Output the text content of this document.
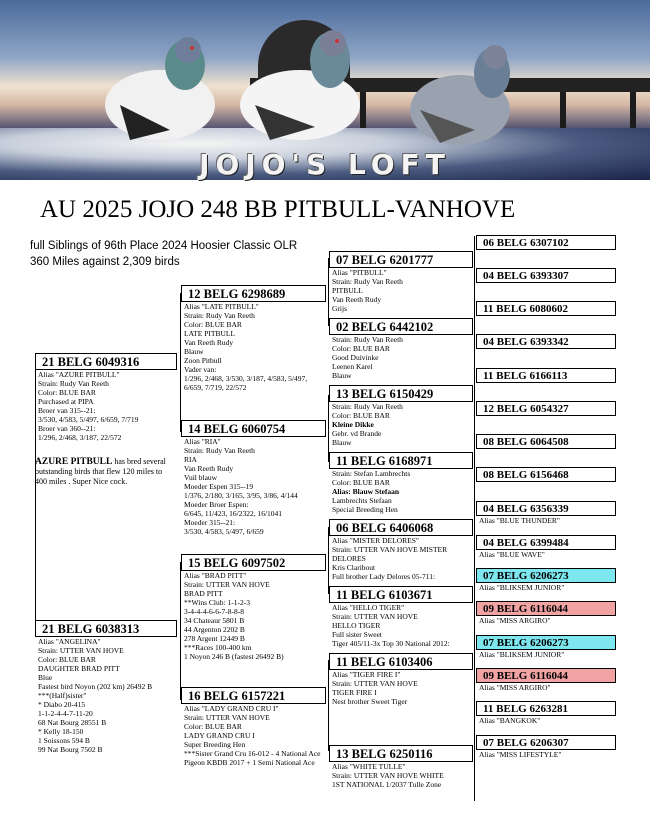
JOJO'S LOFT
AU 2025 JOJO 248 BB PITBULL-VANHOVE
full Siblings of 96th Place 2024 Hoosier Classic OLR
360 Miles against 2,309 birds
21 BELG 6049316
Alias "AZURE PITBULL"
Strain: Rudy Van Reeth
Color: BLUE BAR
Purchased at PIPA
Broer van 315--21:
3/530, 4/583, 5/497, 6/659, 7/719
Broer van 360--21:
1/296, 2/468, 3/187, 22/572
AZURE PITBULL has bred several outstanding birds that flew 120 miles to 400 miles . Super Nice cock.
21 BELG 6038313
Alias "ANGELINA"
Strain: UTTER VAN HOVE
Color: BLUE BAR
DAUGHTER BRAD PITT
Blue
Fastest bird Noyon (202 km) 26492 B
***(Half)sister"
* Diabo 20-415
1-1-2-4-4-7-11-20
68 Nat Bourg 28551 B
* Kelly 18-150
1 Soissons 594 B
99 Nat Bourg 7502 B
12 BELG 6298689
Alias "LATE PITBULL"
Strain: Rudy Van Reeth
Color: BLUE BAR
LATE PITBULL
Van Reeth Rudy
Blauw
Zoon Pitbull
Vader van:
1/296, 2/468, 3/530, 3/187, 4/583, 5/497,
6/659, 7/719, 22/572
14 BELG 6060754
Alias "RIA"
Strain: Rudy Van Reeth
RIA
Van Reeth Rudy
Vuil blauw
Moeder Espen 315--19
1/376, 2/180, 3/165, 3/95, 3/86, 4/144
Moeder Broer Espen:
6/645, 11/423, 16/2322, 16/1041
Moeder 315--21:
3/530, 4/583, 5/497, 6/659
15 BELG 6097502
Alias "BRAD PITT"
Strain: UTTER VAN HOVE
BRAD PITT
**Wins Club: 1-1-2-3
3-4-4-4-6-6-7-8-8-8
34 Chateaur 5801 B
44 Argenton 2202 B
278 Argent 12449 B
***Races 100-400 km
1 Noyon 246 B (fastest 26492 B)
16 BELG 6157221
Alias "LADY GRAND CRU I"
Strain: UTTER VAN HOVE
Color: BLUE BAR
LADY GRAND CRU I
Super Breeding Hen
***Sister Grand Cru 16-012 - 4 National Ace
Pigeon KBDB 2017 + 1 Semi National Ace
07 BELG 6201777
Alias "PITBULL"
Strain: Rudy Van Reeth
PITBULL
Van Reeth Rudy
Grijs
02 BELG 6442102
Strain: Rudy Van Reeth
Color: BLUE BAR
Good Duivinke
Leenen Karel
Blauw
13 BELG 6150429
Strain: Rudy Van Reeth
Color: BLUE BAR
Kleine Dikke
Gebr. vd Brande
Blauw
11 BELG 6168971
Strain: Stefan Lambrechts
Color: BLUE BAR
Alias: Blauw Stefaan
Lambrechts Stefaan
Special Breeding Hen
06 BELG 6406068
Alias "MISTER DELORES"
Strain: UTTER VAN HOVE MISTER
DELORES
Kris Claribout
Full brother Lady Delores 05-711:
11 BELG 6103671
Alias "HELLO TIGER"
Strain: UTTER VAN HOVE
HELLO TIGER
Full sister Sweet
Tiger 405/11-3x Top 30 National 2012:
11 BELG 6103406
Alias "TIGER FIRE I"
Strain: UTTER VAN HOVE
TIGER FIRE I
Nest brother Sweet Tiger
13 BELG 6250116
Alias "WHITE TULLE"
Strain: UTTER VAN HOVE WHITE
1ST NATIONAL 1/2037 Tulle Zone
06 BELG 6307102
04 BELG 6393307
11 BELG 6080602
04 BELG 6393342
11 BELG 6166113
12 BELG 6054327
08 BELG 6064508
08 BELG 6156468
04 BELG 6356339
Alias "BLUE THUNDER"
04 BELG 6399484
Alias "BLUE WAVE"
07 BELG 6206273
Alias "BLIKSEM JUNIOR"
09 BELG 6116044
Alias "MISS ARGIRO"
07 BELG 6206273
Alias "BLIKSEM JUNIOR"
09 BELG 6116044
Alias "MISS ARGIRO"
11 BELG 6263281
Alias "BANGKOK"
07 BELG 6206307
Alias "MISS LIFESTYLE"
